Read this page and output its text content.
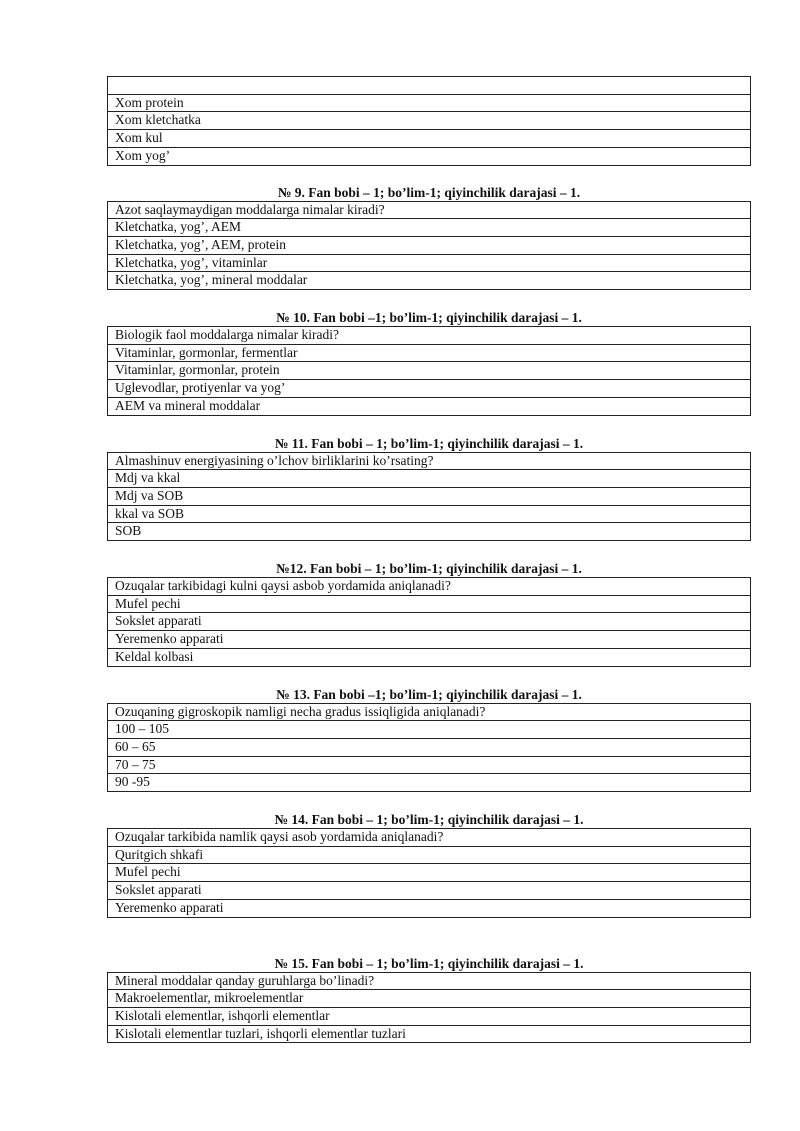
Xom protein
Xom kletchatka
Xom kul
Xom yog’
№ 9. Fan bobi – 1; bo’lim-1; qiyinchilik darajasi – 1.
Azot saqlaymaydigan moddalarga nimalar kiradi?
Kletchatka, yog’, AEM
Kletchatka, yog’, AEM, protein
Kletchatka, yog’, vitaminlar
Kletchatka, yog’, mineral moddalar
№ 10. Fan bobi –1; bo’lim-1; qiyinchilik darajasi – 1.
Biologik faol moddalarga nimalar kiradi?
Vitaminlar, gormonlar, fermentlar
Vitaminlar, gormonlar, protein
Uglevodlar, protiyenlar va yog’
AEM va mineral moddalar
№ 11. Fan bobi – 1; bo’lim-1; qiyinchilik darajasi – 1.
Almashinuv energiyasining o’lchov birliklarini ko’rsating?
Mdj va kkal
Mdj va SOB
kkal va SOB
SOB
№12. Fan bobi – 1; bo’lim-1; qiyinchilik darajasi – 1.
Ozuqalar tarkibidagi kulni qaysi asbob yordamida aniqlanadi?
Mufel pechi
Sokslet apparati
Yeremenko apparati
Keldal kolbasi
№ 13. Fan bobi –1; bo’lim-1; qiyinchilik darajasi – 1.
Ozuqaning gigroskopik namligi necha gradus issiqligida aniqlanadi?
100 – 105
60 – 65
70 – 75
90 -95
№ 14. Fan bobi – 1; bo’lim-1; qiyinchilik darajasi – 1.
Ozuqalar tarkibida namlik qaysi asob yordamida aniqlanadi?
Quritgich shkafi
Mufel pechi
Sokslet apparati
Yeremenko apparati
№ 15. Fan bobi – 1; bo’lim-1; qiyinchilik darajasi – 1.
Mineral moddalar qanday guruhlarga bo’linadi?
Makroelementlar, mikroelementlar
Kislotali elementlar, ishqorli elementlar
Kislotali elementlar tuzlari, ishqorli elementlar tuzlari
